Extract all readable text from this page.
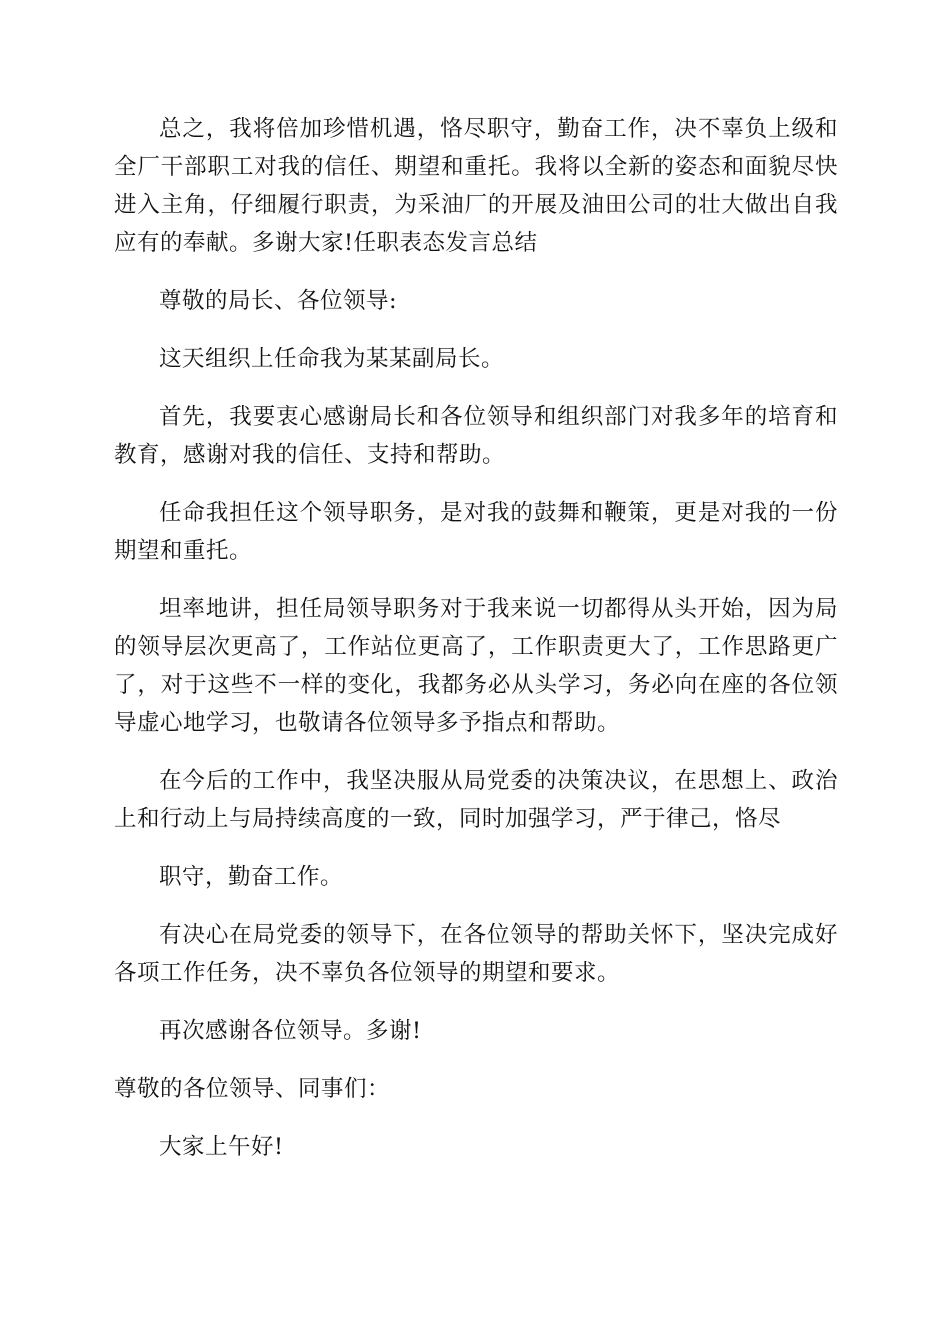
总之，我将倍加珍惜机遇，恪尽职守，勤奋工作，决不辜负上级和全厂干部职工对我的信任、期望和重托。我将以全新的姿态和面貌尽快进入主角，仔细履行职责，为采油厂的开展及油田公司的壮大做出自我应有的奉献。多谢大家!任职表态发言总结

尊敬的局长、各位领导:

这天组织上任命我为某某副局长。

首先，我要衷心感谢局长和各位领导和组织部门对我多年的培育和教育，感谢对我的信任、支持和帮助。

任命我担任这个领导职务，是对我的鼓舞和鞭策，更是对我的一份期望和重托。

坦率地讲，担任局领导职务对于我来说一切都得从头开始，因为局的领导层次更高了，工作站位更高了，工作职责更大了，工作思路更广了，对于这些不一样的变化，我都务必从头学习，务必向在座的各位领导虚心地学习，也敬请各位领导多予指点和帮助。

在今后的工作中，我坚决服从局党委的决策决议，在思想上、政治上和行动上与局持续高度的一致，同时加强学习，严于律己，恪尽

职守，勤奋工作。

有决心在局党委的领导下，在各位领导的帮助关怀下，坚决完成好各项工作任务，决不辜负各位领导的期望和要求。

再次感谢各位领导。多谢!

尊敬的各位领导、同事们：

大家上午好!
